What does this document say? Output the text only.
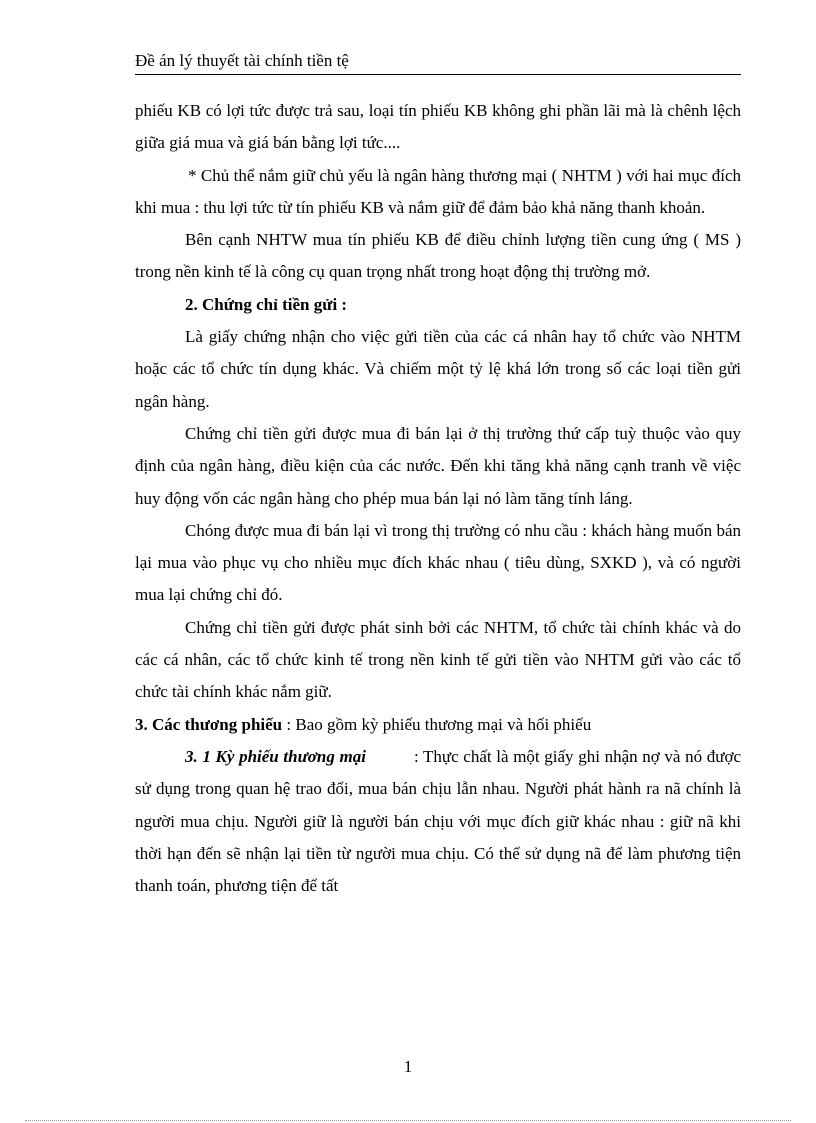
Đề án lý thuyết tài chính tiền tệ

phiếu KB có lợi tức được trả sau, loại tín phiếu KB không ghi phần lãi mà là chênh lệch giữa giá mua và giá bán bằng lợi tức....

* Chủ thể nắm giữ chủ yếu là ngân hàng thương mại ( NHTM ) với hai mục đích khi mua : thu lợi tức từ tín phiếu KB và nắm giữ để đảm bảo khả năng thanh khoản.

Bên cạnh NHTW mua tín phiếu KB để điều chỉnh lượng tiền cung ứng ( MS ) trong nền kinh tế là công cụ quan trọng nhất trong hoạt động thị trường mở.

2. Chứng chỉ tiền gửi :

Là giấy chứng nhận cho việc gửi tiền của các cá nhân hay tổ chức vào NHTM hoặc các tổ chức tín dụng khác. Và chiếm một tỷ lệ khá lớn trong số các loại tiền gửi ngân hàng.

Chứng chỉ tiền gửi được mua đi bán lại ở thị trường thứ cấp tuỳ thuộc vào quy định của ngân hàng, điều kiện của các nước. Đến khi tăng khả năng cạnh tranh về việc huy động vốn các ngân hàng cho phép mua bán lại nó làm tăng tính láng.

Chóng được mua đi bán lại vì trong thị trường có nhu cầu : khách hàng muốn bán lại mua vào phục vụ cho nhiều mục đích khác nhau ( tiêu dùng, SXKD ), và có người mua lại chứng chỉ đó.

Chứng chỉ tiền gửi được phát sinh bởi các NHTM, tổ chức tài chính khác và do các cá nhân, các tổ chức kinh tế trong nền kinh tế gửi tiền vào NHTM gửi vào các tổ chức tài chính khác nắm giữ.

3. Các thương phiếu : Bao gồm kỳ phiếu thương mại và hối phiếu

3. 1 Kỳ phiếu thương mại	: Thực chất là một giấy ghi nhận nợ và nó được sử dụng trong quan hệ trao đổi, mua bán chịu lẫn nhau. Người phát hành ra nã chính là người mua chịu. Người giữ là người bán chịu với mục đích giữ khác nhau : giữ nã khi thời hạn đến sẽ nhận lại tiền từ người mua chịu. Có thể sử dụng nã để làm phương tiện thanh toán, phương tiện để tất

1
